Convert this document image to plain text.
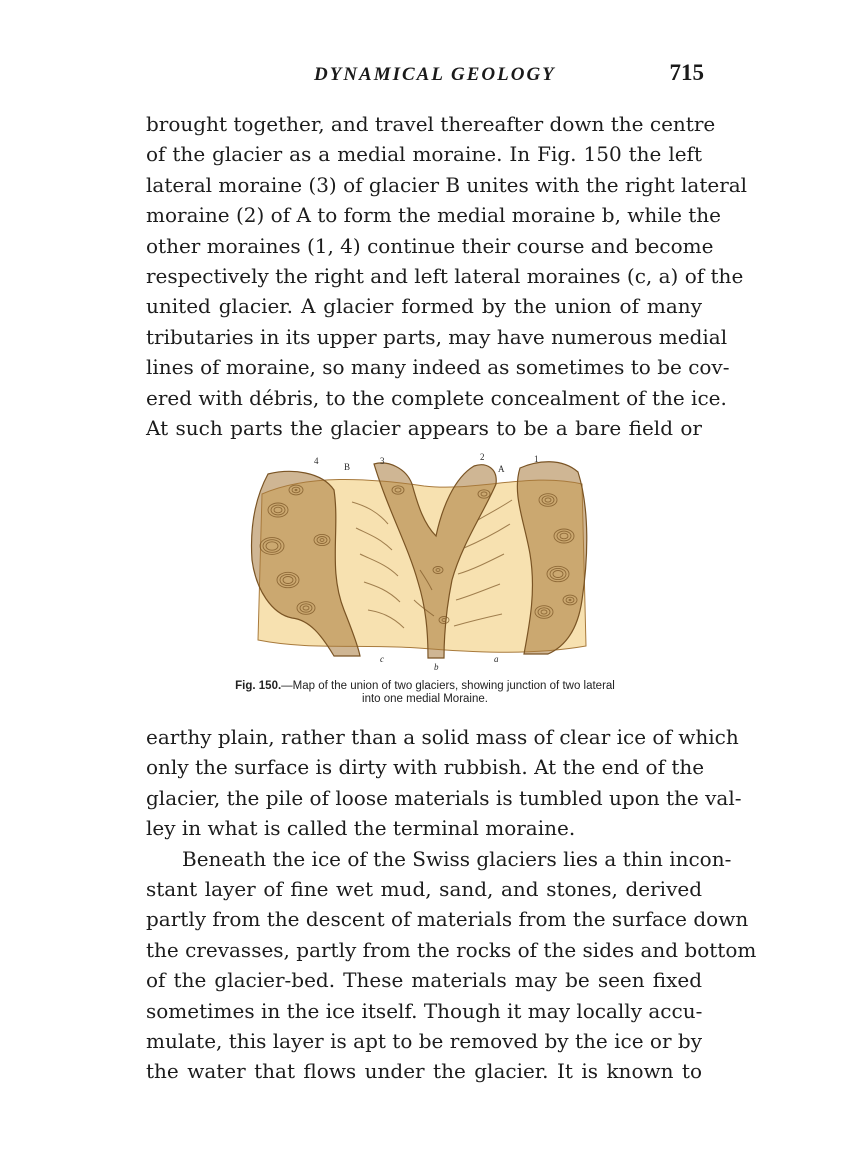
DYNAMICAL GEOLOGY	715
brought together, and travel thereafter down the centre
of the glacier as a medial moraine. In Fig. 150 the left
lateral moraine (3) of glacier B unites with the right lateral
moraine (2) of A to form the medial moraine b, while the
other moraines (1, 4) continue their course and become
respectively the right and left lateral moraines (c, a) of the
united glacier. A glacier formed by the union of many
tributaries in its upper parts, may have numerous medial
lines of moraine, so many indeed as sometimes to be cov-
ered with débris, to the complete concealment of the ice.
At such parts the glacier appears to be a bare field or
4
B
3	2
A
1
c
b
a
Fig. 150.—Map of the union of two glaciers, showing junction of two lateral
into one medial Moraine.
earthy plain, rather than a solid mass of clear ice of which
only the surface is dirty with rubbish. At the end of the
glacier, the pile of loose materials is tumbled upon the val-
ley in what is called the terminal moraine.
Beneath the ice of the Swiss glaciers lies a thin incon-
stant layer of fine wet mud, sand, and stones, derived
partly from the descent of materials from the surface down
the crevasses, partly from the rocks of the sides and bottom
of the glacier-bed. These materials may be seen fixed
sometimes in the ice itself. Though it may locally accu-
mulate, this layer is apt to be removed by the ice or by
the water that flows under the glacier. It is known to
